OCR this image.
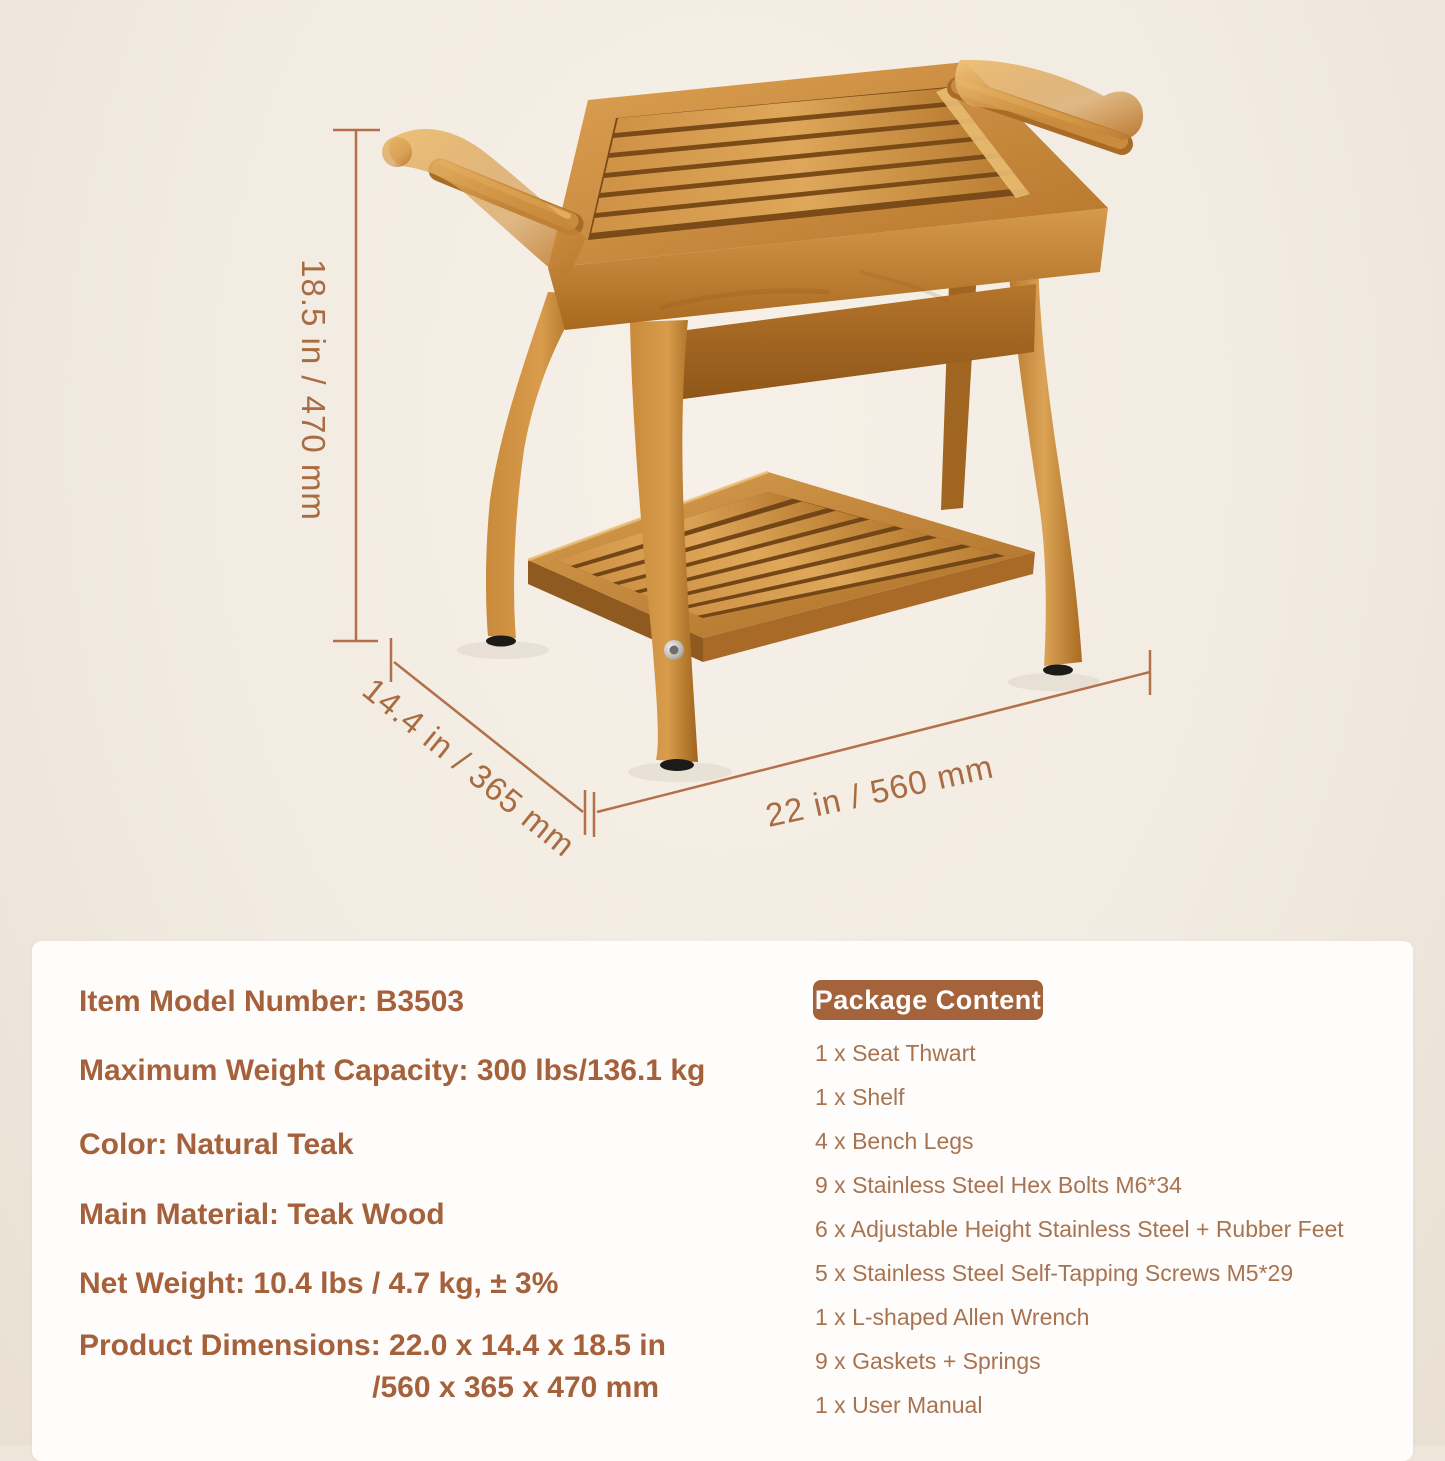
18.5 in / 470 mm
14.4 in / 365 mm	22 in / 560 mm
Item Model Number: B3503
Maximum Weight Capacity: 300 lbs/136.1 kg
Color: Natural Teak
Main Material: Teak Wood
Net Weight: 10.4 lbs / 4.7 kg, ± 3%
Product Dimensions: 22.0 x 14.4 x 18.5 in
/560 x 365 x 470 mm
Package Content
1 x Seat Thwart
1 x Shelf
4 x Bench Legs
9 x Stainless Steel Hex Bolts M6*34
6 x Adjustable Height Stainless Steel + Rubber Feet
5 x Stainless Steel Self-Tapping Screws M5*29
1 x L-shaped Allen Wrench
9 x Gaskets + Springs
1 x User Manual
